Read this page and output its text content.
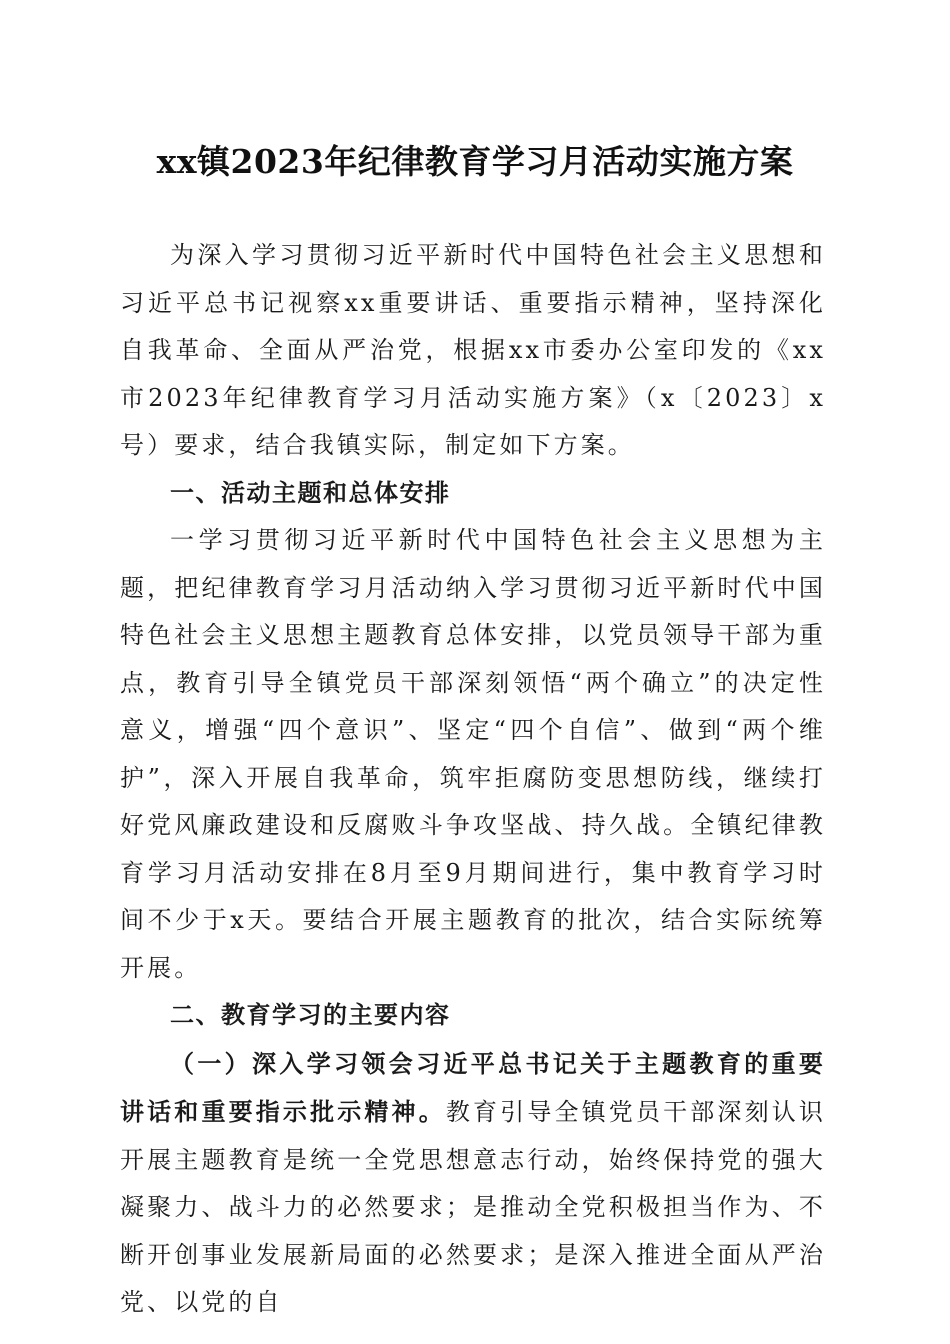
xx镇2023年纪律教育学习月活动实施方案

为深入学习贯彻习近平新时代中国特色社会主义思想和习近平总书记视察xx重要讲话、重要指示精神，坚持深化自我革命、全面从严治党，根据xx市委办公室印发的《xx市2023年纪律教育学习月活动实施方案》（x〔2023〕x号）要求，结合我镇实际，制定如下方案。

一、活动主题和总体安排

一学习贯彻习近平新时代中国特色社会主义思想为主题，把纪律教育学习月活动纳入学习贯彻习近平新时代中国特色社会主义思想主题教育总体安排，以党员领导干部为重点，教育引导全镇党员干部深刻领悟“两个确立”的决定性意义，增强“四个意识”、坚定“四个自信”、做到“两个维护”，深入开展自我革命，筑牢拒腐防变思想防线，继续打好党风廉政建设和反腐败斗争攻坚战、持久战。全镇纪律教育学习月活动安排在8月至9月期间进行，集中教育学习时间不少于x天。要结合开展主题教育的批次，结合实际统筹开展。

二、教育学习的主要内容

（一）深入学习领会习近平总书记关于主题教育的重要讲话和重要指示批示精神。教育引导全镇党员干部深刻认识开展主题教育是统一全党思想意志行动，始终保持党的强大凝聚力、战斗力的必然要求；是推动全党积极担当作为、不断开创事业发展新局面的必然要求；是深入推进全面从严治党、以党的自
